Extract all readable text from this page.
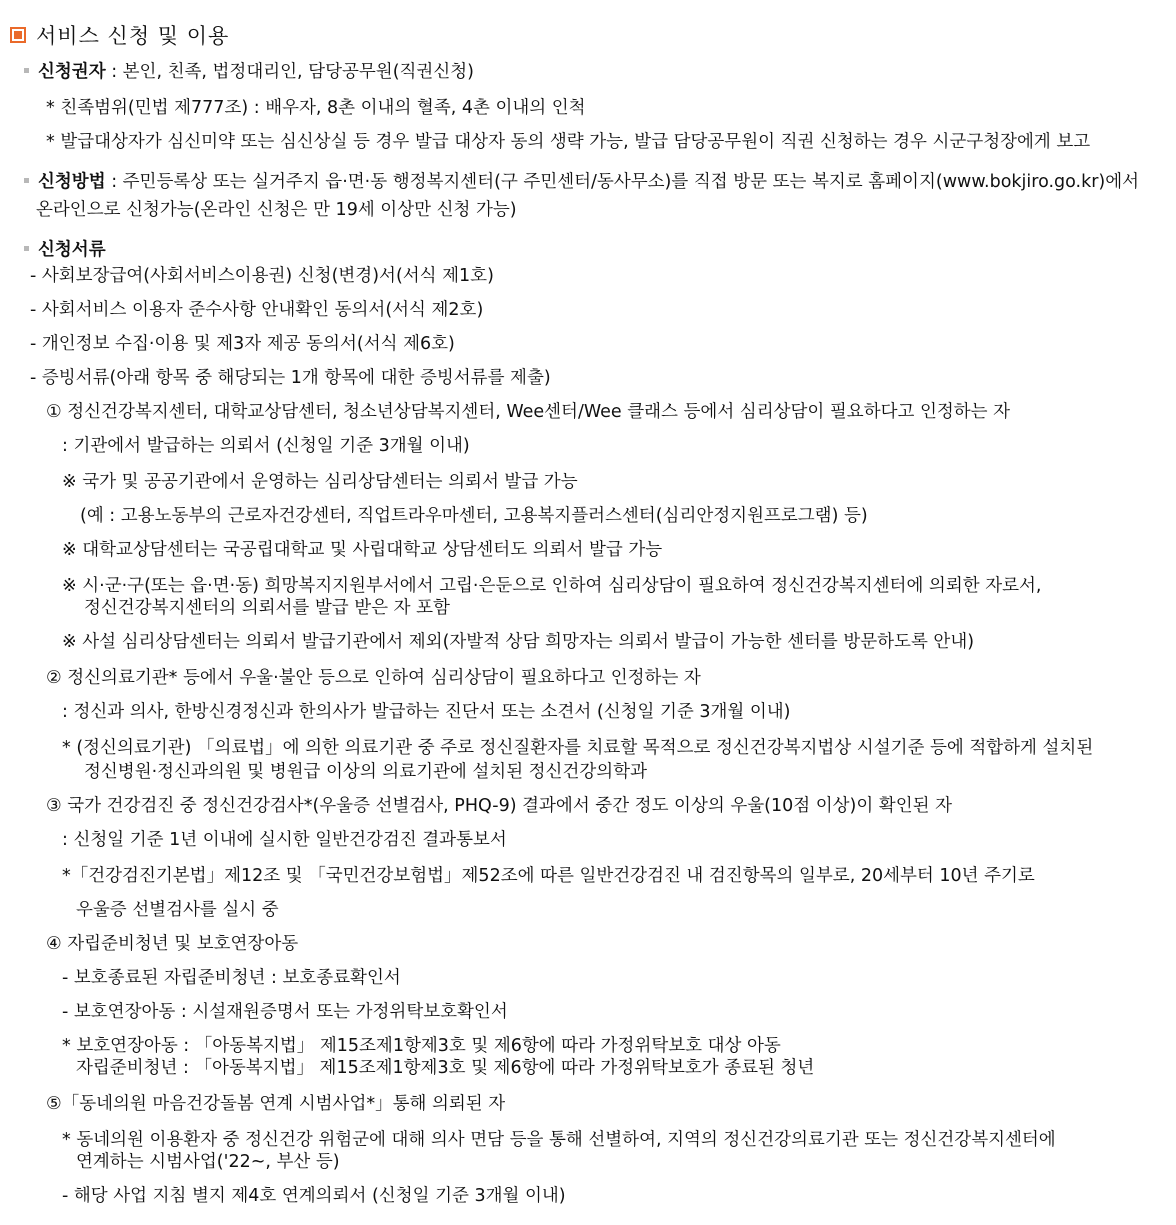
서비스 신청 및 이용
신청권자 : 본인, 친족, 법정대리인, 담당공무원(직권신청)
* 친족범위(민법 제777조) : 배우자, 8촌 이내의 혈족, 4촌 이내의 인척
* 발급대상자가 심신미약 또는 심신상실 등 경우 발급 대상자 동의 생략 가능, 발급 담당공무원이 직권 신청하는 경우 시군구청장에게 보고
신청방법 : 주민등록상 또는 실거주지 읍·면·동 행정복지센터(구 주민센터/동사무소)를 직접 방문 또는 복지로 홈페이지(www.bokjiro.go.kr)에서
온라인으로 신청가능(온라인 신청은 만 19세 이상만 신청 가능)
신청서류
- 사회보장급여(사회서비스이용권) 신청(변경)서(서식 제1호)
- 사회서비스 이용자 준수사항 안내확인 동의서(서식 제2호)
- 개인정보 수집·이용 및 제3자 제공 동의서(서식 제6호)
- 증빙서류(아래 항목 중 해당되는 1개 항목에 대한 증빙서류를 제출)
① 정신건강복지센터, 대학교상담센터, 청소년상담복지센터, Wee센터/Wee 클래스 등에서 심리상담이 필요하다고 인정하는 자
: 기관에서 발급하는 의뢰서 (신청일 기준 3개월 이내)
※ 국가 및 공공기관에서 운영하는 심리상담센터는 의뢰서 발급 가능
(예 : 고용노동부의 근로자건강센터, 직업트라우마센터, 고용복지플러스센터(심리안정지원프로그램) 등)
※ 대학교상담센터는 국공립대학교 및 사립대학교 상담센터도 의뢰서 발급 가능
※ 시·군·구(또는 읍·면·동) 희망복지지원부서에서 고립·은둔으로 인하여 심리상담이 필요하여 정신건강복지센터에 의뢰한 자로서,
정신건강복지센터의 의뢰서를 발급 받은 자 포함
※ 사설 심리상담센터는 의뢰서 발급기관에서 제외(자발적 상담 희망자는 의뢰서 발급이 가능한 센터를 방문하도록 안내)
② 정신의료기관* 등에서 우울·불안 등으로 인하여 심리상담이 필요하다고 인정하는 자
: 정신과 의사, 한방신경정신과 한의사가 발급하는 진단서 또는 소견서 (신청일 기준 3개월 이내)
* (정신의료기관) 「의료법」에 의한 의료기관 중 주로 정신질환자를 치료할 목적으로 정신건강복지법상 시설기준 등에 적합하게 설치된
정신병원·정신과의원 및 병원급 이상의 의료기관에 설치된 정신건강의학과
③ 국가 건강검진 중 정신건강검사*(우울증 선별검사, PHQ-9) 결과에서 중간 정도 이상의 우울(10점 이상)이 확인된 자
: 신청일 기준 1년 이내에 실시한 일반건강검진 결과통보서
*「건강검진기본법」제12조 및 「국민건강보험법」제52조에 따른 일반건강검진 내 검진항목의 일부로, 20세부터 10년 주기로
우울증 선별검사를 실시 중
④ 자립준비청년 및 보호연장아동
- 보호종료된 자립준비청년 : 보호종료확인서
- 보호연장아동 : 시설재원증명서 또는 가정위탁보호확인서
* 보호연장아동 : 「아동복지법」 제15조제1항제3호 및 제6항에 따라 가정위탁보호 대상 아동
자립준비청년 : 「아동복지법」 제15조제1항제3호 및 제6항에 따라 가정위탁보호가 종료된 청년
⑤「동네의원 마음건강돌봄 연계 시범사업*」통해 의뢰된 자
* 동네의원 이용환자 중 정신건강 위험군에 대해 의사 면담 등을 통해 선별하여, 지역의 정신건강의료기관 또는 정신건강복지센터에
연계하는 시범사업('22~, 부산 등)
- 해당 사업 지침 별지 제4호 연계의뢰서 (신청일 기준 3개월 이내)
